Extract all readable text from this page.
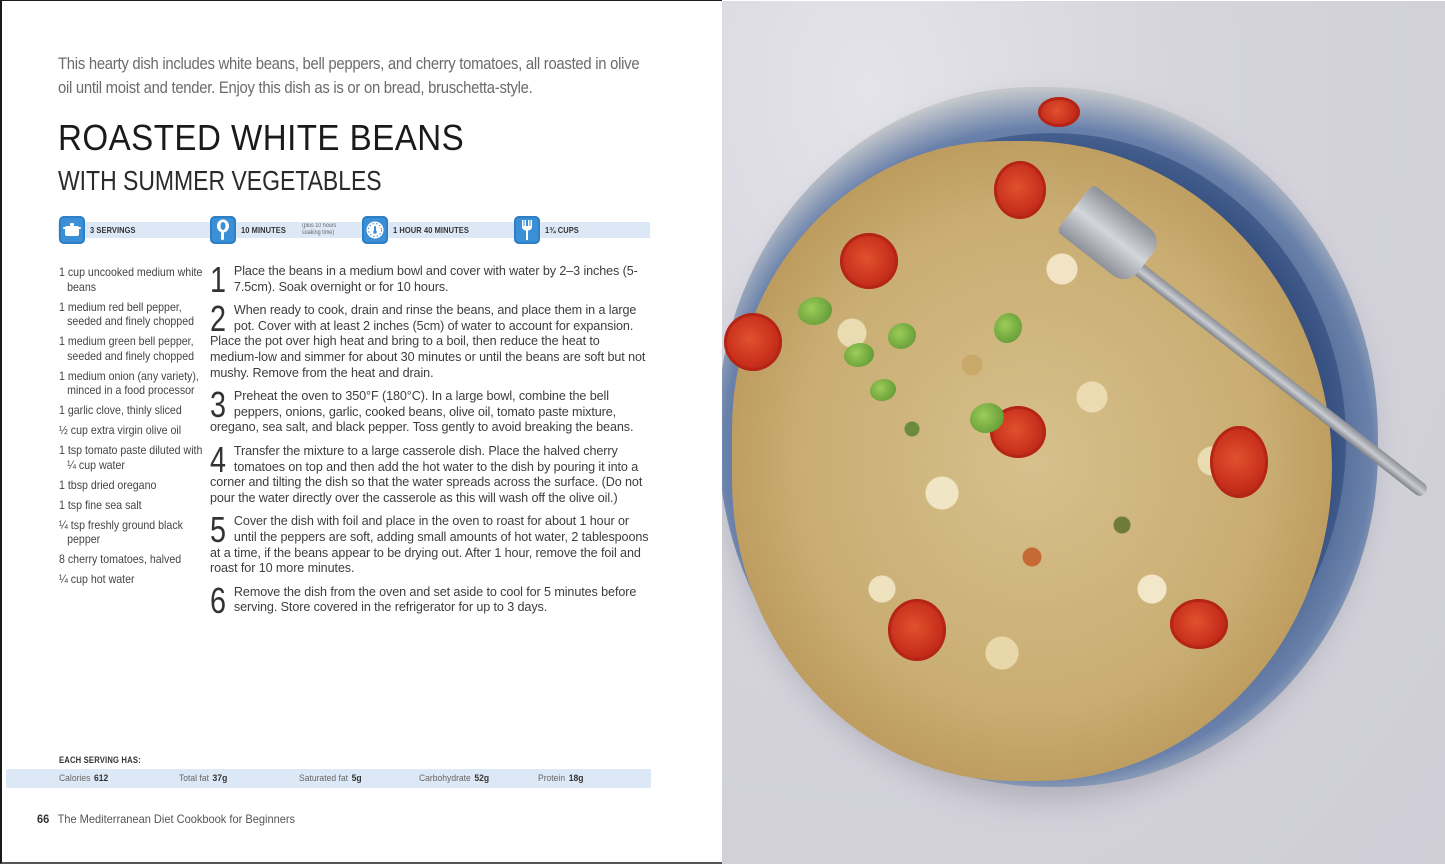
This hearty dish includes white beans, bell peppers, and cherry tomatoes, all roasted in olive oil until moist and tender. Enjoy this dish as is or on bread, bruschetta-style.

ROASTED WHITE BEANS
WITH SUMMER VEGETABLES
3 SERVINGS	10 MINUTES	(plus 10 hours
soaking time)	1 HOUR 40 MINUTES	1¾ CUPS
1 cup uncooked medium white beans
1 medium red bell pepper, seeded and finely chopped
1 medium green bell pepper, seeded and finely chopped
1 medium onion (any variety), minced in a food processor
1 garlic clove, thinly sliced
½ cup extra virgin olive oil
1 tsp tomato paste diluted with ¼ cup water
1 tbsp dried oregano
1 tsp fine sea salt
¼ tsp freshly ground black pepper
8 cherry tomatoes, halved
¼ cup hot water
1 Place the beans in a medium bowl and cover with water by 2–3 inches (5-7.5cm). Soak overnight or for 10 hours.
2 When ready to cook, drain and rinse the beans, and place them in a large pot. Cover with at least 2 inches (5cm) of water to account for expansion. Place the pot over high heat and bring to a boil, then reduce the heat to medium-low and simmer for about 30 minutes or until the beans are soft but not mushy. Remove from the heat and drain.
3 Preheat the oven to 350°F (180°C). In a large bowl, combine the bell peppers, onions, garlic, cooked beans, olive oil, tomato paste mixture, oregano, sea salt, and black pepper. Toss gently to avoid breaking the beans.
4 Transfer the mixture to a large casserole dish. Place the halved cherry tomatoes on top and then add the hot water to the dish by pouring it into a corner and tilting the dish so that the water spreads across the surface. (Do not pour the water directly over the casserole as this will wash off the olive oil.)
5 Cover the dish with foil and place in the oven to roast for about 1 hour or until the peppers are soft, adding small amounts of hot water, 2 tablespoons at a time, if the beans appear to be drying out. After 1 hour, remove the foil and roast for 10 more minutes.
6 Remove the dish from the oven and set aside to cool for 5 minutes before serving. Store covered in the refrigerator for up to 3 days.
EACH SERVING HAS:
Calories 612	Total fat 37g	Saturated fat 5g	Carbohydrate 52g	Protein 18g
66 The Mediterranean Diet Cookbook for Beginners
